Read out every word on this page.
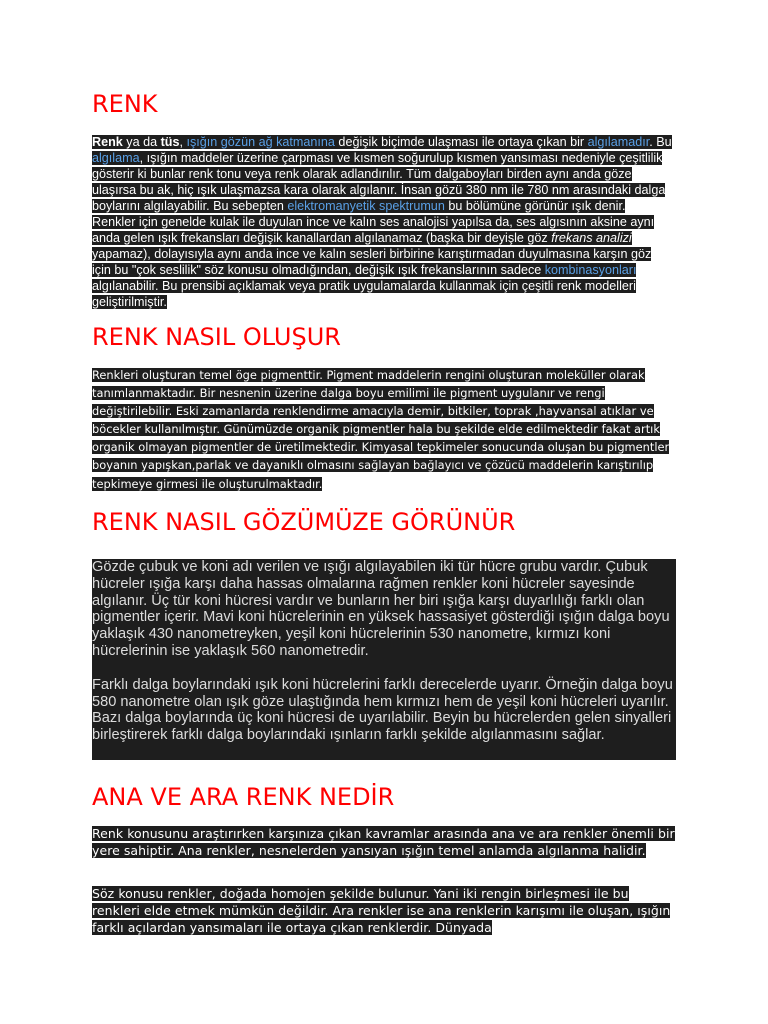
RENK

Renk ya da tüs, ışığın gözün ağ katmanına değişik biçimde ulaşması ile ortaya çıkan bir algılamadır. Bu algılama, ışığın maddeler üzerine çarpması ve kısmen soğurulup kısmen yansıması nedeniyle çeşitlilik gösterir ki bunlar renk tonu veya renk olarak adlandırılır. Tüm dalgaboyları birden aynı anda göze ulaşırsa bu ak, hiç ışık ulaşmazsa kara olarak algılanır. İnsan gözü 380 nm ile 780 nm arasındaki dalga boylarını algılayabilir. Bu sebepten elektromanyetik spektrumun bu bölümüne görünür ışık denir. Renkler için genelde kulak ile duyulan ince ve kalın ses analojisi yapılsa da, ses algısının aksine aynı anda gelen ışık frekansları değişik kanallardan algılanamaz (başka bir deyişle göz frekans analizi yapamaz), dolayısıyla aynı anda ince ve kalın sesleri birbirine karıştırmadan duyulmasına karşın göz için bu "çok seslilik" söz konusu olmadığından, değişik ışık frekanslarının sadece kombinasyonları algılanabilir. Bu prensibi açıklamak veya pratik uygulamalarda kullanmak için çeşitli renk modelleri geliştirilmiştir.

RENK NASIL OLUŞUR

Renkleri oluşturan temel öge pigmenttir. Pigment maddelerin rengini oluşturan moleküller olarak tanımlanmaktadır. Bir nesnenin üzerine dalga boyu emilimi ile pigment uygulanır ve rengi değiştirilebilir. Eski zamanlarda renklendirme amacıyla demir, bitkiler, toprak ,hayvansal atıklar ve böcekler kullanılmıştır. Günümüzde organik pigmentler hala bu şekilde elde edilmektedir fakat artık organik olmayan pigmentler de üretilmektedir. Kimyasal tepkimeler sonucunda oluşan bu pigmentler boyanın yapışkan,parlak ve dayanıklı olmasını sağlayan bağlayıcı ve çözücü maddelerin karıştırılıp tepkimeye girmesi ile oluşturulmaktadır.

RENK NASIL GÖZÜMÜZE GÖRÜNÜR

Gözde çubuk ve koni adı verilen ve ışığı algılayabilen iki tür hücre grubu vardır. Çubuk hücreler ışığa karşı daha hassas olmalarına rağmen renkler koni hücreler sayesinde algılanır. Üç tür koni hücresi vardır ve bunların her biri ışığa karşı duyarlılığı farklı olan pigmentler içerir. Mavi koni hücrelerinin en yüksek hassasiyet gösterdiği ışığın dalga boyu yaklaşık 430 nanometreyken, yeşil koni hücrelerinin 530 nanometre, kırmızı koni hücrelerinin ise yaklaşık 560 nanometredir.

Farklı dalga boylarındaki ışık koni hücrelerini farklı derecelerde uyarır. Örneğin dalga boyu 580 nanometre olan ışık göze ulaştığında hem kırmızı hem de yeşil koni hücreleri uyarılır. Bazı dalga boylarında üç koni hücresi de uyarılabilir. Beyin bu hücrelerden gelen sinyalleri birleştirerek farklı dalga boylarındaki ışınların farklı şekilde algılanmasını sağlar.

ANA VE ARA RENK NEDİR

Renk konusunu araştırırken karşınıza çıkan kavramlar arasında ana ve ara renkler önemli bir yere sahiptir. Ana renkler, nesnelerden yansıyan ışığın temel anlamda algılanma halidir.

Söz konusu renkler, doğada homojen şekilde bulunur. Yani iki rengin birleşmesi ile bu renkleri elde etmek mümkün değildir. Ara renkler ise ana renklerin karışımı ile oluşan, ışığın farklı açılardan yansımaları ile ortaya çıkan renklerdir. Dünyada
